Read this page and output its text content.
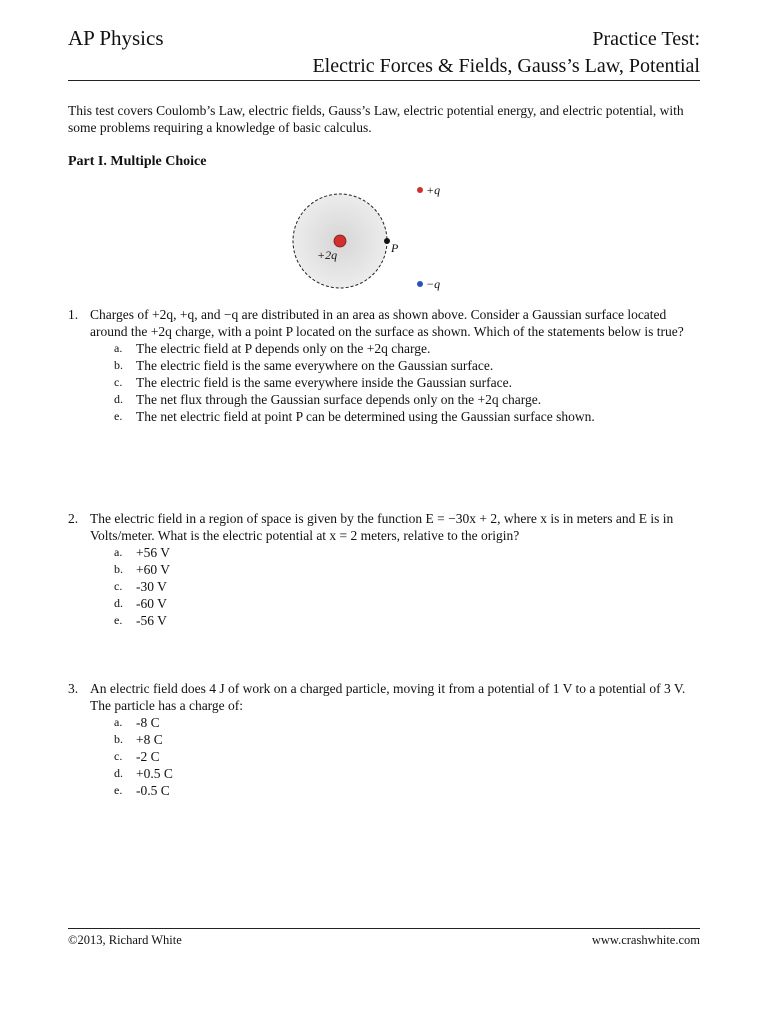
AP Physics	Practice Test:
Electric Forces & Fields, Gauss’s Law, Potential
This test covers Coulomb’s Law, electric fields, Gauss’s Law, electric potential energy, and electric potential, with some problems requiring a knowledge of basic calculus.
Part I. Multiple Choice
+2q	P
+q
−q
1. Charges of +2q, +q, and −q are distributed in an area as shown above. Consider a Gaussian surface located around the +2q charge, with a point P located on the surface as shown. Which of the statements below is true?
a. The electric field at P depends only on the +2q charge.
b. The electric field is the same everywhere on the Gaussian surface.
c. The electric field is the same everywhere inside the Gaussian surface.
d. The net flux through the Gaussian surface depends only on the +2q charge.
e. The net electric field at point P can be determined using the Gaussian surface shown.
2. The electric field in a region of space is given by the function E = −30x + 2, where x is in meters and E is in Volts/meter. What is the electric potential at x = 2 meters, relative to the origin?
a. +56 V
b. +60 V
c. -30 V
d. -60 V
e. -56 V
3. An electric field does 4 J of work on a charged particle, moving it from a potential of 1 V to a potential of 3 V. The particle has a charge of:
a. -8 C
b. +8 C
c. -2 C
d. +0.5 C
e. -0.5 C
©2013, Richard White	www.crashwhite.com
